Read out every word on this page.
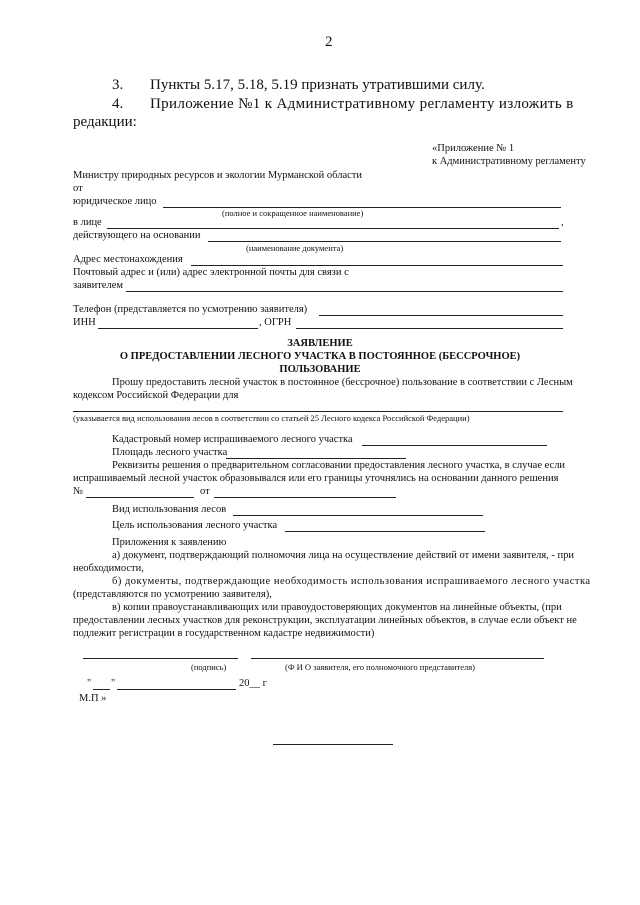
2
3. Пункты 5.17, 5.18, 5.19 признать утратившими силу.
4. Приложение №1 к Административному регламенту изложить в
редакции:
«Приложение № 1
к Административному регламенту
Министру природных ресурсов и экологии Мурманской области
от
юридическое лицо
(полное и сокращенное наименование)
в лице	,
действующего на основании
(наименование документа)
Адрес местонахождения
Почтовый адрес и (или) адрес электронной почты для связи с
заявителем
Телефон (представляется по усмотрению заявителя)
ИНН	, ОГРН
ЗАЯВЛЕНИЕ
О ПРЕДОСТАВЛЕНИИ ЛЕСНОГО УЧАСТКА В ПОСТОЯННОЕ (БЕССРОЧНОЕ)
ПОЛЬЗОВАНИЕ
Прошу предоставить лесной участок в постоянное (бессрочное) пользование в соответствии с Лесным
кодексом Российской Федерации для
(указывается вид использования лесов в соответствии со статьей 25 Лесного кодекса Российской Федерации)
Кадастровый номер испрашиваемого лесного участка
Площадь лесного участка
Реквизиты решения о предварительном согласовании предоставления лесного участка, в случае если
испрашиваемый лесной участок образовывался или его границы уточнялись на основании данного решения
№	от
Вид использования лесов
Цель использования лесного участка
Приложения к заявлению
а) документ, подтверждающий полномочия лица на осуществление действий от имени заявителя, - при
необходимости,
б) документы, подтверждающие необходимость использования испрашиваемого лесного участка
(представляются по усмотрению заявителя),
в) копии правоустанавливающих или правоудостоверяющих документов на линейные объекты, (при
предоставлении лесных участков для реконструкции, эксплуатации линейных объектов, в случае если объект не
подлежит регистрации в государственном кадастре недвижимости)
(подпись)	(Ф И О заявителя, его полномочного представителя)
" "	20__ г
М.П »
